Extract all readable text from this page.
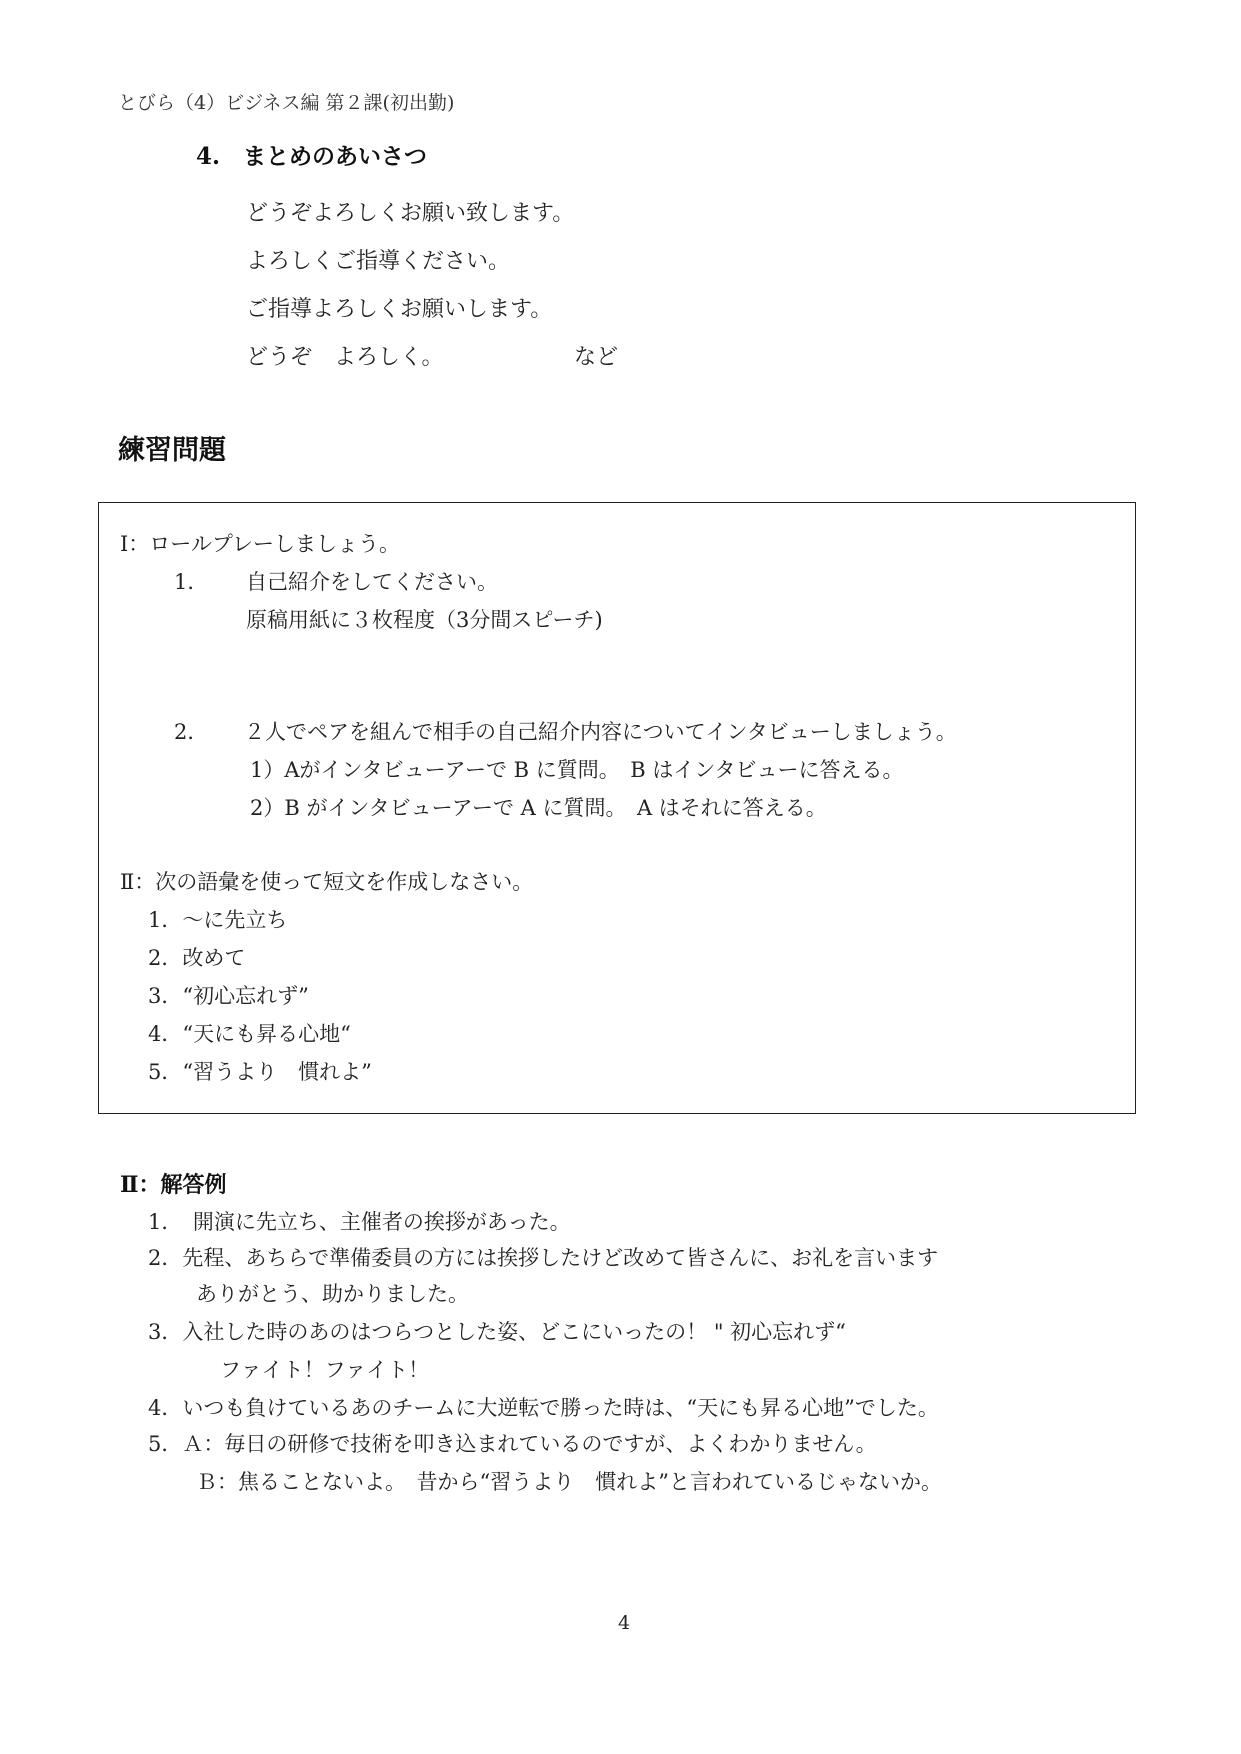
とびら（4）ビジネス編 第２課(初出勤)
4.　まとめのあいさつ
どうぞよろしくお願い致します。
よろしくご指導ください。
ご指導よろしくお願いします。
どうぞ　よろしく。	など
練習問題
Ⅰ：ロールプレーしましょう。
1． 自己紹介をしてください。
原稿用紙に３枚程度（3分間スピーチ)
2． ２人でペアを組んで相手の自己紹介内容についてインタビューしましょう。
1）Aがインタビューアーで B に質問。　B はインタビューに答える。
2）B がインタビューアーで A に質問。　A はそれに答える。
Ⅱ：次の語彙を使って短文を作成しなさい。
1．～に先立ち
2．改めて
3．“初心忘れず”
4．“天にも昇る心地“
5．“習うより　慣れよ”
Ⅱ：解答例
1．　開演に先立ち、主催者の挨拶があった。
2．先程、あちらで準備委員の方には挨拶したけど改めて皆さんに、お礼を言います
ありがとう、助かりました。
3．入社した時のあのはつらつとした姿、どこにいったの！ " 初心忘れず“
ファイト！ファイト！
4．いつも負けているあのチームに大逆転で勝った時は、“天にも昇る心地”でした。
5．Ａ：毎日の研修で技術を叩き込まれているのですが、よくわかりません。
Ｂ：焦ることないよ。　昔から“習うより　慣れよ”と言われているじゃないか。
4
